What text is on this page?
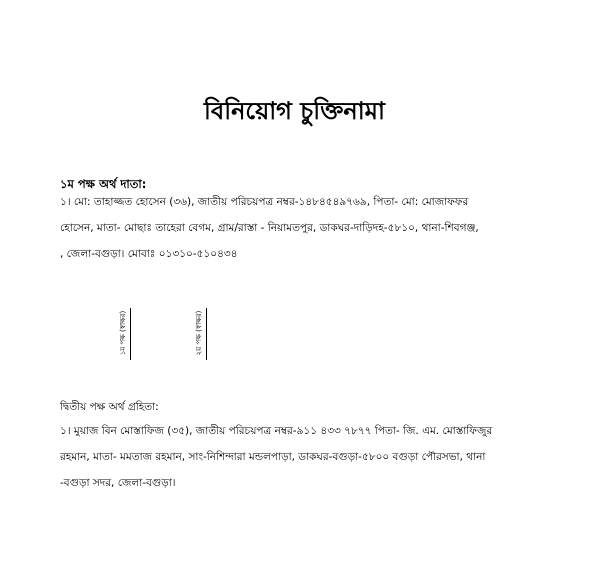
বিনিয়োগ চুক্তিনামা
১ম পক্ষ অর্থ দাতা:
১। মো: তাহাজ্জত হোসেন (৩৬), জাতীয় পরিচয়পত্র নম্বর-১৪৮৪৫৪৯৭৬৯, পিতা- মো: মোজাফফর
হোসেন, মাতা- মোছাঃ তাহেরা বেগম, গ্রাম/রাস্তা - নিয়ামতপুর, ডাকঘর-দাড়িদহ-৫৮১০, থানা-শিবগঞ্জ,
, জেলা-বগুড়া। মোবাঃ ০১৩১০-৫১০৪৩৪
১ম পক্ষ (স্বাক্ষর)	২য় পক্ষ (স্বাক্ষর)
দ্বিতীয় পক্ষ অর্থ গ্রহিতা:
১। মুয়াজ বিন মোস্তাফিজ (৩৫), জাতীয় পরিচয়পত্র নম্বর-৯১১ ৪৩৩ ৭৮৭৭ পিতা- জি. এম. মোস্তাফিজুর
রহমান, মাতা- মমতাজ রহমান, সাং-নিশিন্দারা মন্ডলপাড়া, ডাকঘর-বগুড়া-৫৮০০ বগুড়া পৌরসভা, থানা
-বগুড়া সদর, জেলা-বগুড়া।
